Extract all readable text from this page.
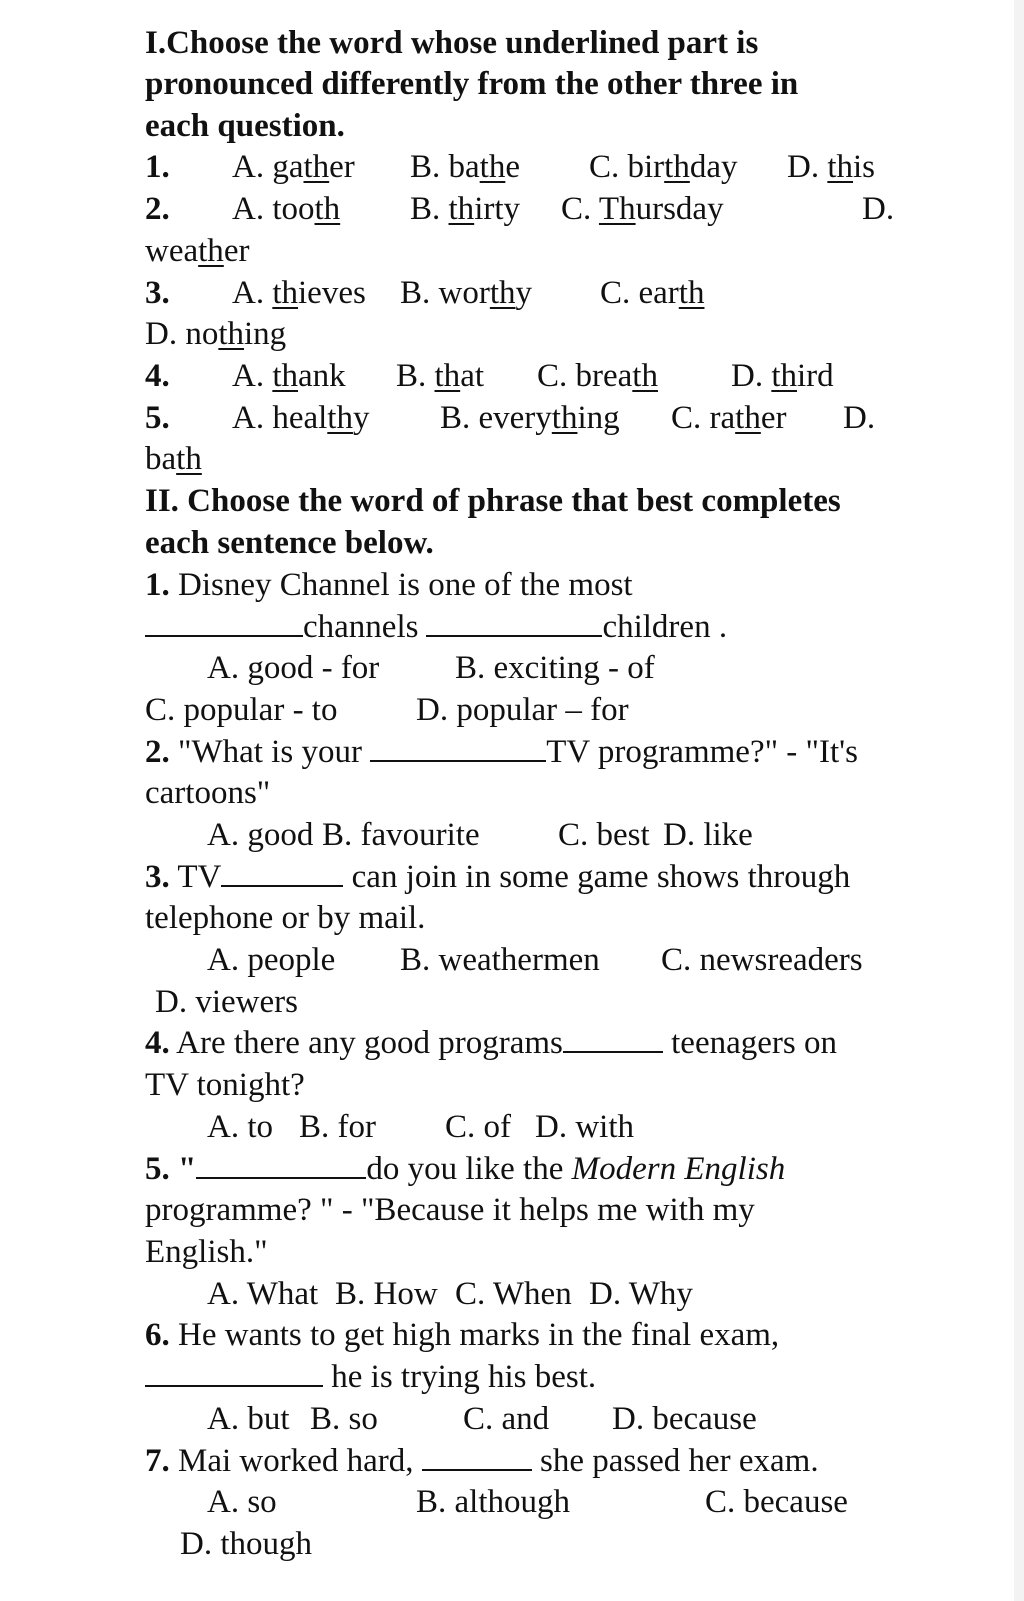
I.Choose the word whose underlined part is
pronounced differently from the other three in
each question.
1. A. gather B. bathe C. birthday D. this
2. A. tooth B. thirty C. Thursday	D.
weather
3. A. thieves B. worthy C. earth
D. nothing
4. A. thank B. that C. breath D. third
5. A. healthy B. everything C. rather D.
bath
II. Choose the word of phrase that best completes
each sentence below.
1. Disney Channel is one of the most
channels	children .
A. good - for B. exciting - of
C. popular - to D. popular – for
2. "What is your	TV programme?" - "It's
cartoons"
A. good B. favourite C. best D. like
3. TV	can join in some game shows through
telephone or by mail.
A. people B. weathermen C. newsreaders
D. viewers
4. Are there any good programs	teenagers on
TV tonight?
A. to B. for C. of D. with
5. "	do you like the Modern English
programme? " - "Because it helps me with my
English."
A. What B. How C. When D. Why
6. He wants to get high marks in the final exam,
he is trying his best.
A. but B. so	C. and D. because
7. Mai worked hard,	she passed her exam.
A. so	B. although	C. because
D. though
